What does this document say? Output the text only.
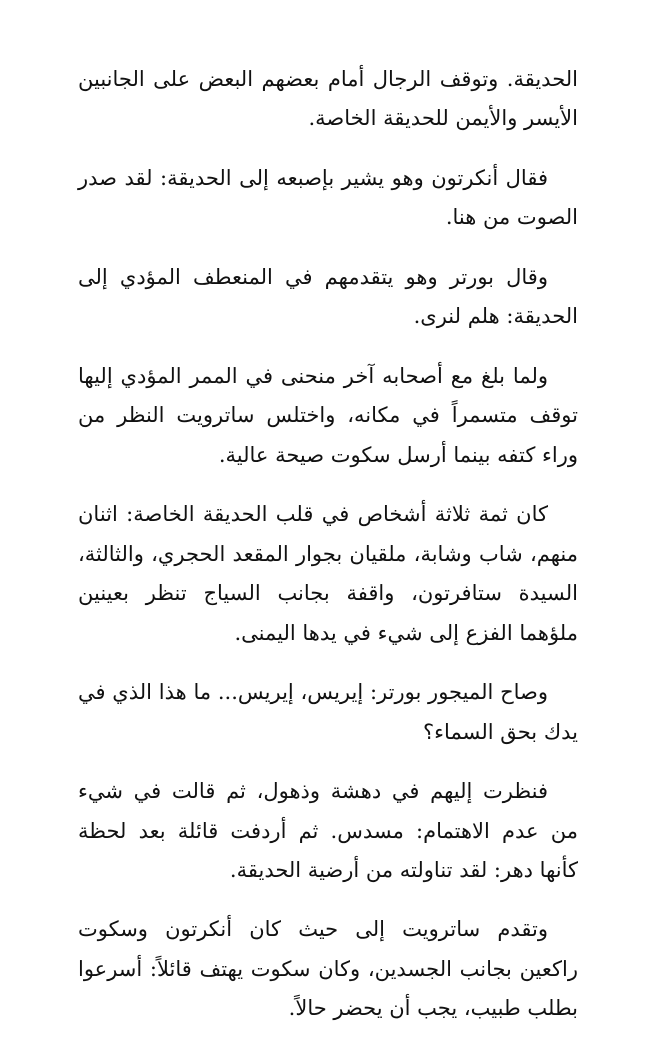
الحديقة. وتوقف الرجال أمام بعضهم البعض على الجانبين الأيسر والأيمن للحديقة الخاصة.

فقال أنكرتون وهو يشير بإصبعه إلى الحديقة: لقد صدر الصوت من هنا.

وقال بورتر وهو يتقدمهم في المنعطف المؤدي إلى الحديقة: هلم لنرى.

ولما بلغ مع أصحابه آخر منحنى في الممر المؤدي إليها توقف متسمراً في مكانه، واختلس ساترويت النظر من وراء كتفه بينما أرسل سكوت صيحة عالية.

كان ثمة ثلاثة أشخاص في قلب الحديقة الخاصة: اثنان منهم، شاب وشابة، ملقيان بجوار المقعد الحجري، والثالثة، السيدة ستافرتون، واقفة بجانب السياج تنظر بعينين ملؤهما الفزع إلى شيء في يدها اليمنى.

وصاح الميجور بورتر: إيريس، إيريس... ما هذا الذي في يدك بحق السماء؟

فنظرت إليهم في دهشة وذهول، ثم قالت في شيء من عدم الاهتمام: مسدس. ثم أردفت قائلة بعد لحظة كأنها دهر: لقد تناولته من أرضية الحديقة.

وتقدم ساترويت إلى حيث كان أنكرتون وسكوت راكعين بجانب الجسدين، وكان سكوت يهتف قائلاً: أسرعوا بطلب طبيب، يجب أن يحضر حالاً.
